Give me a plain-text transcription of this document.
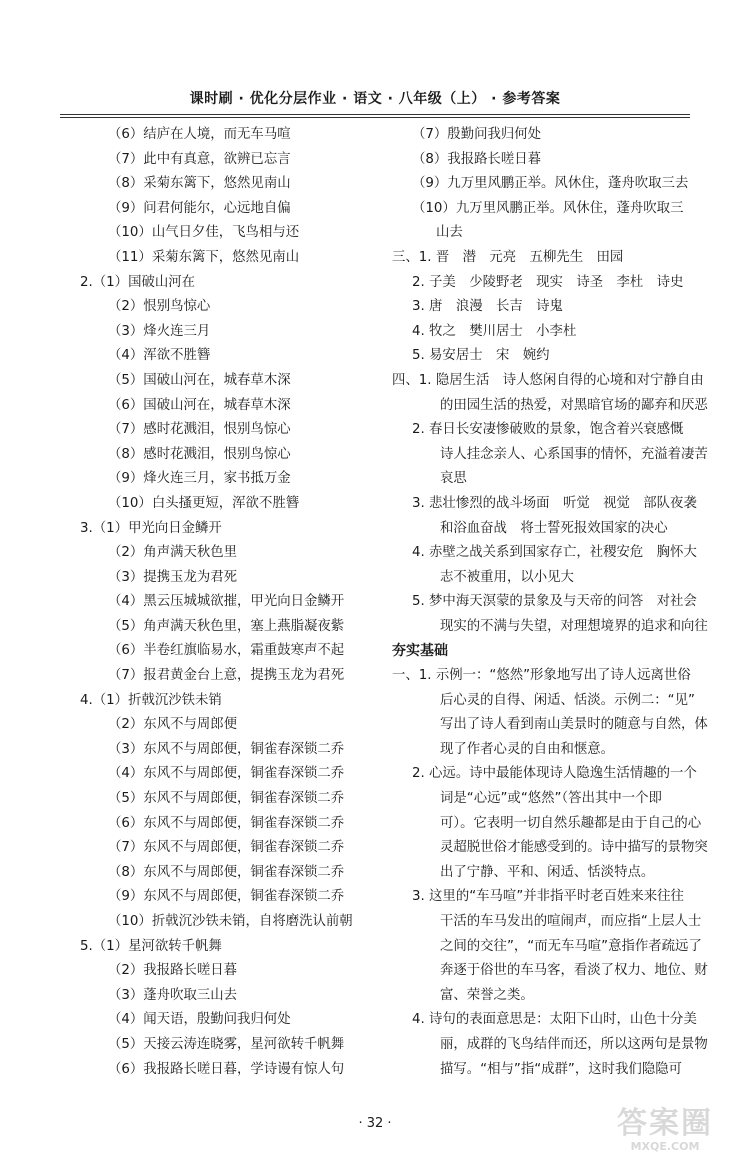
课时刷 · 优化分层作业 · 语文 · 八年级（上） · 参考答案
（6）结庐在人境，而无车马喧
（7）此中有真意，欲辨已忘言
（8）采菊东篱下，悠然见南山
（9）问君何能尔，心远地自偏
（10）山气日夕佳，飞鸟相与还
（11）采菊东篱下，悠然见南山
2.（1）国破山河在
（2）恨别鸟惊心
（3）烽火连三月
（4）浑欲不胜簪
（5）国破山河在，城春草木深
（6）国破山河在，城春草木深
（7）感时花溅泪，恨别鸟惊心
（8）感时花溅泪，恨别鸟惊心
（9）烽火连三月，家书抵万金
（10）白头搔更短，浑欲不胜簪
3.（1）甲光向日金鳞开
（2）角声满天秋色里
（3）提携玉龙为君死
（4）黑云压城城欲摧，甲光向日金鳞开
（5）角声满天秋色里，塞上燕脂凝夜紫
（6）半卷红旗临易水，霜重鼓寒声不起
（7）报君黄金台上意，提携玉龙为君死
4.（1）折戟沉沙铁未销
（2）东风不与周郎便
（3）东风不与周郎便，铜雀春深锁二乔
（4）东风不与周郎便，铜雀春深锁二乔
（5）东风不与周郎便，铜雀春深锁二乔
（6）东风不与周郎便，铜雀春深锁二乔
（7）东风不与周郎便，铜雀春深锁二乔
（8）东风不与周郎便，铜雀春深锁二乔
（9）东风不与周郎便，铜雀春深锁二乔
（10）折戟沉沙铁未销，自将磨洗认前朝
5.（1）星河欲转千帆舞
（2）我报路长嗟日暮
（3）蓬舟吹取三山去
（4）闻天语，殷勤问我归何处
（5）天接云涛连晓雾，星河欲转千帆舞
（6）我报路长嗟日暮，学诗谩有惊人句
（7）殷勤问我归何处
（8）我报路长嗟日暮
（9）九万里风鹏正举。风休住，蓬舟吹取三去
（10）九万里风鹏正举。风休住，蓬舟吹取三
山去
三、1. 晋　潜　元亮　五柳先生　田园
2. 子美　少陵野老　现实　诗圣　李杜　诗史
3. 唐　浪漫　长吉　诗鬼
4. 牧之　樊川居士　小李杜
5. 易安居士　宋　婉约
四、1. 隐居生活　诗人悠闲自得的心境和对宁静自由
的田园生活的热爱，对黑暗官场的鄙弃和厌恶
2. 春日长安凄惨破败的景象，饱含着兴衰感慨
诗人挂念亲人、心系国事的情怀，充溢着凄苦
哀思
3. 悲壮惨烈的战斗场面　听觉　视觉　部队夜袭
和浴血奋战　将士誓死报效国家的决心
4. 赤壁之战关系到国家存亡，社稷安危　胸怀大
志不被重用，以小见大
5. 梦中海天溟蒙的景象及与天帝的问答　对社会
现实的不满与失望，对理想境界的追求和向往
夯实基础
一、1. 示例一：“悠然”形象地写出了诗人远离世俗
后心灵的自得、闲适、恬淡。示例二：“见”
写出了诗人看到南山美景时的随意与自然，体
现了作者心灵的自由和惬意。
2. 心远。诗中最能体现诗人隐逸生活情趣的一个
词是“心远”或“悠然”（答出其中一个即
可）。它表明一切自然乐趣都是由于自己的心
灵超脱世俗才能感受到的。诗中描写的景物突
出了宁静、平和、闲适、恬淡特点。
3. 这里的“车马喧”并非指平时老百姓来来往往
干活的车马发出的喧闹声，而应指“上层人士
之间的交往”，“而无车马喧”意指作者疏远了
奔逐于俗世的车马客，看淡了权力、地位、财
富、荣誉之类。
4. 诗句的表面意思是：太阳下山时，山色十分美
丽，成群的飞鸟结伴而还，所以这两句是景物
描写。“相与”指“成群”，这时我们隐隐可
· 32 ·	答案圈
MXQE.COM
